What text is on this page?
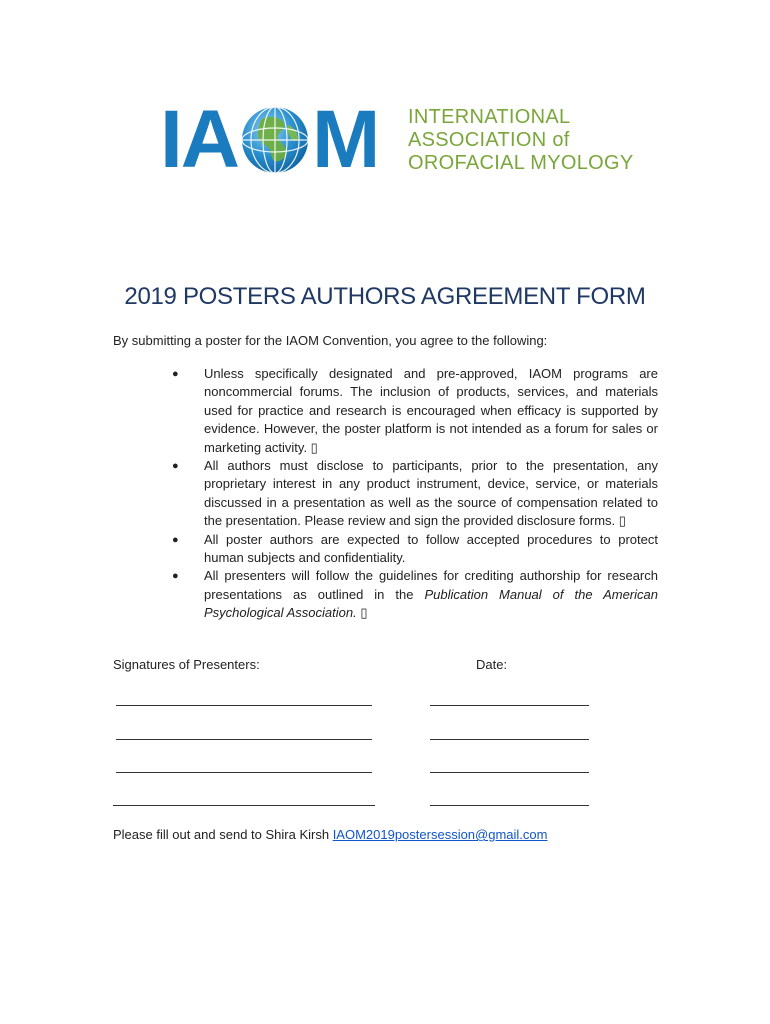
I A M INTERNATIONAL
ASSOCIATION of
OROFACIAL MYOLOGY
2019 POSTERS AUTHORS AGREEMENT FORM
By submitting a poster for the IAOM Convention, you agree to the following:
● Unless specifically designated and pre-approved, IAOM programs are noncommercial forums. The inclusion of products, services, and materials used for practice and research is encouraged when efficacy is supported by evidence. However, the poster platform is not intended as a forum for sales or marketing activity. ▯
● All authors must disclose to participants, prior to the presentation, any proprietary interest in any product instrument, device, service, or materials discussed in a presentation as well as the source of compensation related to the presentation. Please review and sign the provided disclosure forms. ▯
● All poster authors are expected to follow accepted procedures to protect human subjects and confidentiality.
● All presenters will follow the guidelines for crediting authorship for research presentations as outlined in the Publication Manual of the American Psychological Association. ▯
Signatures of Presenters:	Date:
Please fill out and send to Shira Kirsh IAOM2019postersession@gmail.com
